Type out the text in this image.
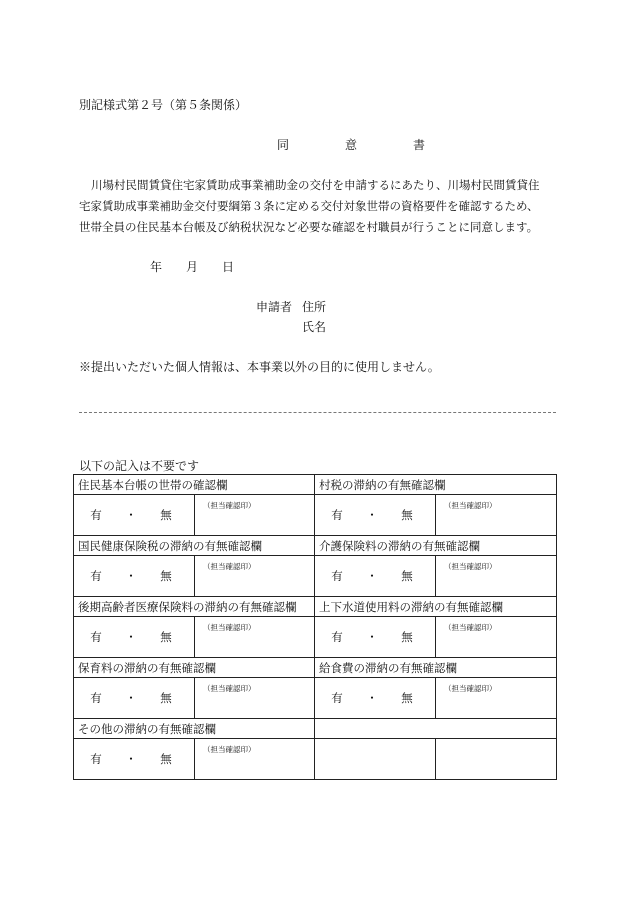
別記様式第２号（第５条関係）
同　意　書
川場村民間賃貸住宅家賃助成事業補助金の交付を申請するにあたり、川場村民間賃貸住
宅家賃助成事業補助金交付要綱第３条に定める交付対象世帯の資格要件を確認するため、
世帯全員の住民基本台帳及び納税状況など必要な確認を村職員が行うことに同意します。
年 月 日
申請者 住所
氏名
※提出いただいた個人情報は、本事業以外の目的に使用しません。
以下の記入は不要です
住民基本台帳の世帯の確認欄		村税の滞納の有無確認欄	
有　・　無	（担当確認印）	有　・　無	（担当確認印）

国民健康保険税の滞納の有無確認欄		介護保険料の滞納の有無確認欄	
有　・　無	（担当確認印）	有　・　無	（担当確認印）

後期高齢者医療保険料の滞納の有無確認欄		上下水道使用料の滞納の有無確認欄	
有　・　無	（担当確認印）	有　・　無	（担当確認印）

保育料の滞納の有無確認欄		給食費の滞納の有無確認欄	
有　・　無	（担当確認印）	有　・　無	（担当確認印）

その他の滞納の有無確認欄			
有　・　無	（担当確認印）		
